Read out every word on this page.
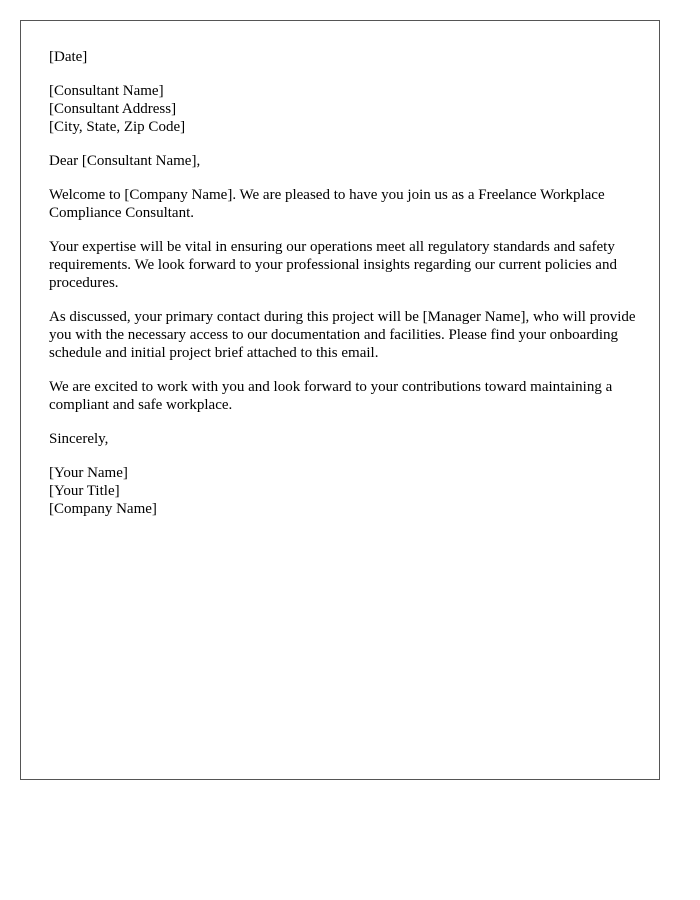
[Date]
[Consultant Name]
[Consultant Address]
[City, State, Zip Code]
Dear [Consultant Name],
Welcome to [Company Name]. We are pleased to have you join us as a Freelance Workplace Compliance Consultant.
Your expertise will be vital in ensuring our operations meet all regulatory standards and safety requirements. We look forward to your professional insights regarding our current policies and procedures.
As discussed, your primary contact during this project will be [Manager Name], who will provide you with the necessary access to our documentation and facilities. Please find your onboarding schedule and initial project brief attached to this email.
We are excited to work with you and look forward to your contributions toward maintaining a compliant and safe workplace.
Sincerely,
[Your Name]
[Your Title]
[Company Name]
